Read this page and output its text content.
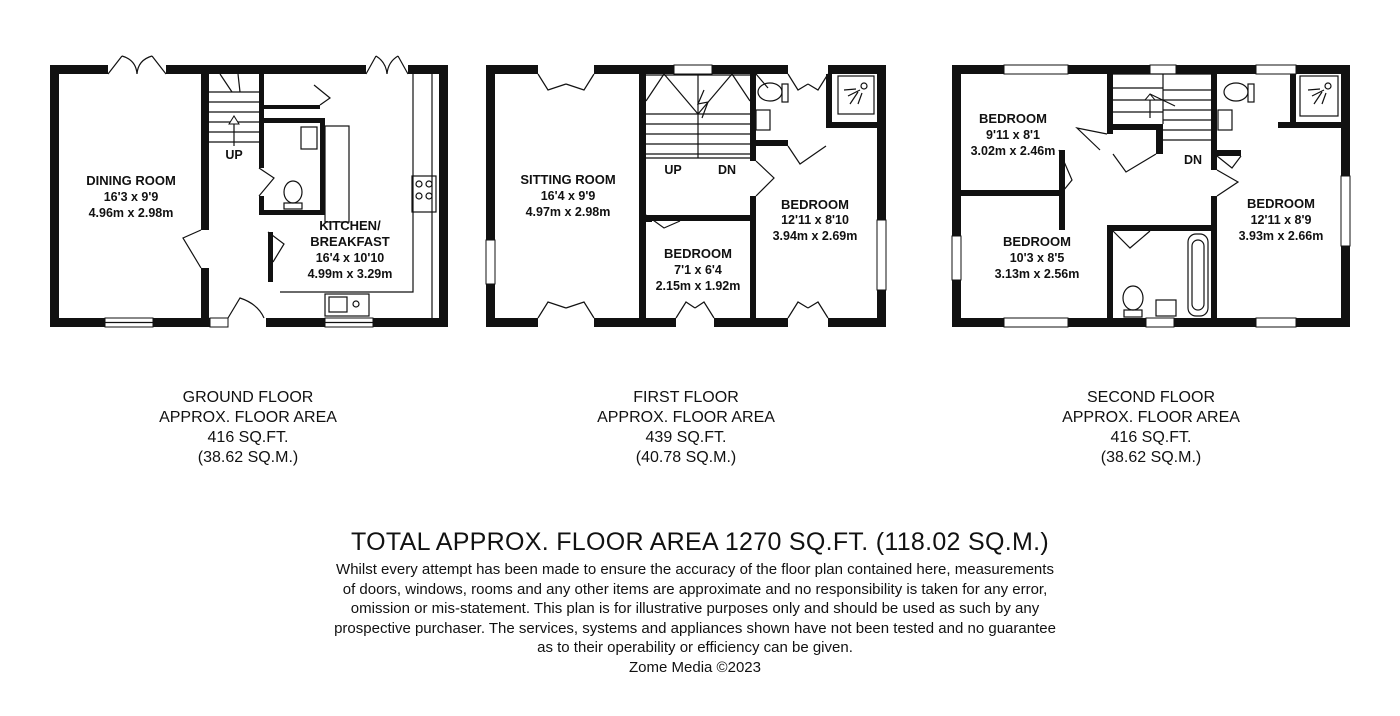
DINING ROOM
16'3 x 9'9
4.96m x 2.98m
KITCHEN/
BREAKFAST
16'4 x 10'10
4.99m x 3.29m
UP
SITTING ROOM
16'4 x 9'9
4.97m x 2.98m	BEDROOM
12'11 x 8'10
3.94m x 2.69m
BEDROOM
7'1 x 6'4
2.15m x 1.92m
UP	DN
BEDROOM
9'11 x 8'1
3.02m x 2.46m
BEDROOM
10'3 x 8'5
3.13m x 2.56m
BEDROOM
12'11 x 8'9
3.93m x 2.66m
DN
GROUND FLOOR
APPROX. FLOOR AREA
416 SQ.FT.
(38.62 SQ.M.)
FIRST FLOOR
APPROX. FLOOR AREA
439 SQ.FT.
(40.78 SQ.M.)
SECOND FLOOR
APPROX. FLOOR AREA
416 SQ.FT.
(38.62 SQ.M.)
TOTAL APPROX. FLOOR AREA 1270 SQ.FT. (118.02 SQ.M.)
Whilst every attempt has been made to ensure the accuracy of the floor plan contained here, measurements
of doors, windows, rooms and any other items are approximate and no responsibility is taken for any error,
omission or mis-statement. This plan is for illustrative purposes only and should be used as such by any
prospective purchaser. The services, systems and appliances shown have not been tested and no guarantee
as to their operability or efficiency can be given.
Zome Media ©2023
